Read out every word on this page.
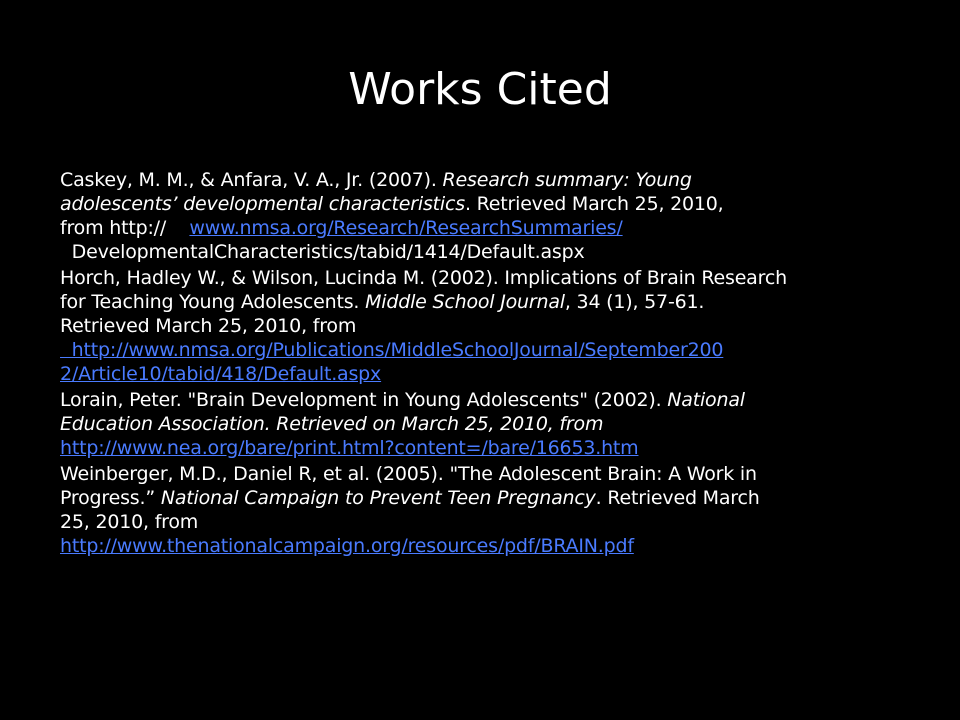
Works Cited
Caskey, M. M., & Anfara, V. A., Jr. (2007). Research summary: Young
adolescents’ developmental characteristics. Retrieved March 25, 2010,
from http://    www.nmsa.org/Research/ResearchSummaries/
DevelopmentalCharacteristics/tabid/1414/Default.aspx
Horch, Hadley W., & Wilson, Lucinda M. (2002). Implications of Brain Research
for Teaching Young Adolescents. Middle School Journal, 34 (1), 57-61.
Retrieved March 25, 2010, from
http://www.nmsa.org/Publications/MiddleSchoolJournal/September200
2/Article10/tabid/418/Default.aspx
Lorain, Peter. "Brain Development in Young Adolescents" (2002). National
Education Association. Retrieved on March 25, 2010, from
http://www.nea.org/bare/print.html?content=/bare/16653.htm
Weinberger, M.D., Daniel R, et al. (2005). "The Adolescent Brain: A Work in
Progress.” National Campaign to Prevent Teen Pregnancy. Retrieved March
25, 2010, from
http://www.thenationalcampaign.org/resources/pdf/BRAIN.pdf
